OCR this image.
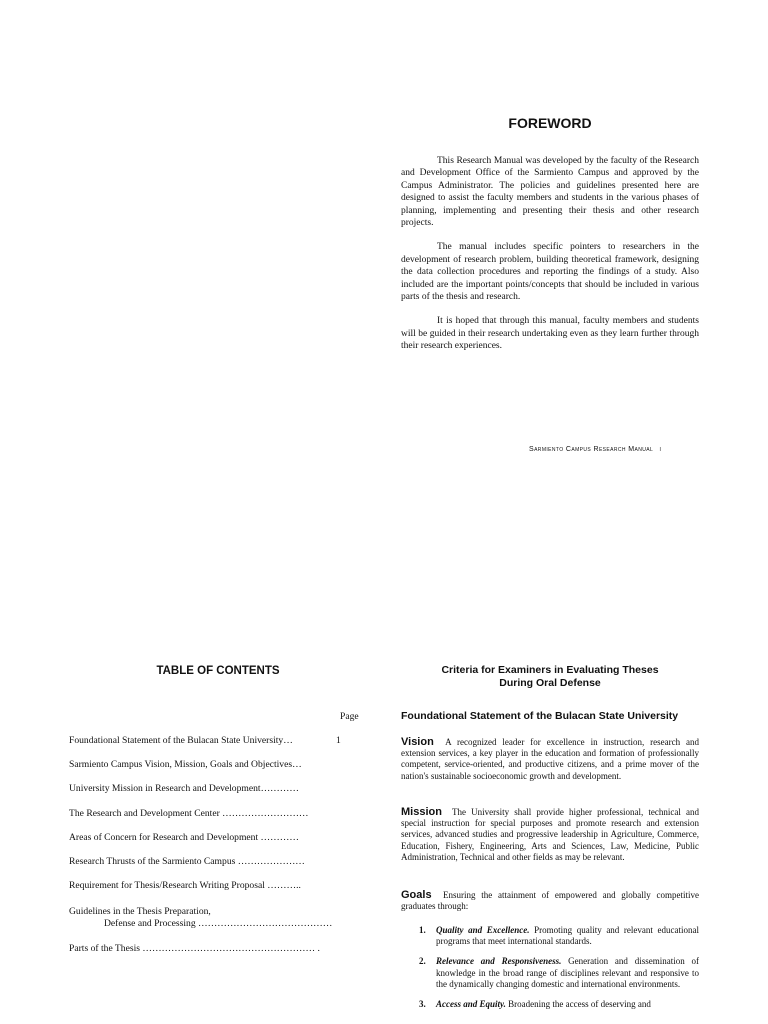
FOREWORD

This Research Manual was developed by the faculty of the Research and Development Office of the Sarmiento Campus and approved by the Campus Administrator. The policies and guidelines presented here are designed to assist the faculty members and students in the various phases of planning, implementing and presenting their thesis and other research projects.

The manual includes specific pointers to researchers in the development of research problem, building theoretical framework, designing the data collection procedures and reporting the findings of a study. Also included are the important points/concepts that should be included in various parts of the thesis and research.

It is hoped that through this manual, faculty members and students will be guided in their research undertaking even as they learn further through their research experiences.

Sarmiento Campus Research Manual i
TABLE OF CONTENTS
Page
Foundational Statement of the Bulacan State University…	1
Sarmiento Campus Vision, Mission, Goals and Objectives…
University Mission in Research and Development…………
The Research and Development Center ………………………
Areas of Concern for Research and Development …………
Research Thrusts of the Sarmiento Campus …………………
Requirement for Thesis/Research Writing Proposal ………..
Guidelines in the Thesis Preparation,
Defense and Processing ……………………………………
Parts of the Thesis ……………………………………………… .
Criteria for Examiners in Evaluating Theses
During Oral Defense
Foundational Statement of the Bulacan State University
Vision A recognized leader for excellence in instruction, research and extension services, a key player in the education and formation of professionally competent, service-oriented, and productive citizens, and a prime mover of the nation's sustainable socioeconomic growth and development.
Mission The University shall provide higher professional, technical and special instruction for special purposes and promote research and extension services, advanced studies and progressive leadership in Agriculture, Commerce, Education, Fishery, Engineering, Arts and Sciences, Law, Medicine, Public Administration, Technical and other fields as may be relevant.
Goals Ensuring the attainment of empowered and globally competitive graduates through:
1. Quality and Excellence. Promoting quality and relevant educational programs that meet international standards.
2. Relevance and Responsiveness. Generation and dissemination of knowledge in the broad range of disciplines relevant and responsive to the dynamically changing domestic and international environments.
3. Access and Equity. Broadening the access of deserving and
